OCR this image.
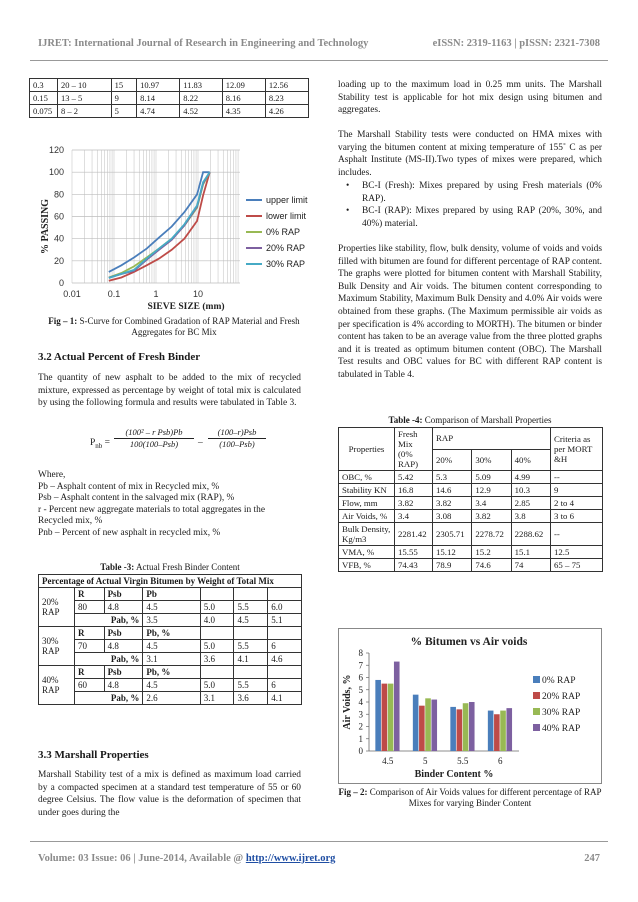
IJRET: International Journal of Research in Engineering and Technology	eISSN: 2319-1163 | pISSN: 2321-7308
Volume: 03 Issue: 06 | June-2014, Available @ http://www.ijret.org	247
0.3	20 – 10	15	10.97	11.83	12.09	12.56
0.15	13 – 5	9	8.14	8.22	8.16	8.23
0.075	8 – 2	5	4.74	4.52	4.35	4.26
0
20
40
60
80
100
120
0.01	0.1	1	10
upper limit
lower limit
0% RAP
20% RAP
30% RAP
% PASSING
SIEVE SIZE (mm)
Fig – 1: S-Curve for Combined Gradation of RAP Material and Fresh Aggregates for BC Mix
3.2 Actual Percent of Fresh Binder
The quantity of new asphalt to be added to the mix of recycled mixture, expressed as percentage by weight of total mix is calculated by using the following formula and results were tabulated in Table 3.
$P_{nb}$ =
(100² – r Psb)Pb
100(100–Psb)	–
(100–r)Psb
(100–Psb)
Where,
Pb – Asphalt content of mix in Recycled mix, %
Psb – Asphalt content in the salvaged mix (RAP), %
r - Percent new aggregate materials to total aggregates in the Recycled mix, %
Pnb – Percent of new asphalt in recycled mix, %
Table -3: Actual Fresh Binder Content
Percentage of Actual Virgin Bitumen by Weight of Total Mix						
20% RAP	R	Psb	Pb			
	80	4.8	4.5	5.0	5.5	6.0
	Pab, %		3.5	4.0	4.5	5.1
30% RAP	R	Psb	Pb, %			
	70	4.8	4.5	5.0	5.5	6
	Pab, %		3.1	3.6	4.1	4.6
40% RAP	R	Psb	Pb, %			
	60	4.8	4.5	5.0	5.5	6
	Pab, %		2.6	3.1	3.6	4.1
3.3 Marshall Properties
Marshall Stability test of a mix is defined as maximum load carried by a compacted specimen at a standard test temperature of 55 or 60 degree Celsius. The flow value is the deformation of specimen that under goes during the
loading up to the maximum load in 0.25 mm units. The Marshall Stability test is applicable for hot mix design using bitumen and aggregates.
The Marshall Stability tests were conducted on HMA mixes with varying the bitumen content at mixing temperature of 155˚ C as per Asphalt Institute (MS-II).Two types of mixes were prepared, which includes.
• BC-I (Fresh): Mixes prepared by using Fresh materials (0% RAP).
• BC-I (RAP): Mixes prepared by using RAP (20%, 30%, and 40%) material.
Properties like stability, flow, bulk density, volume of voids and voids filled with bitumen are found for different percentage of RAP content. The graphs were plotted for bitumen content with Marshall Stability, Bulk Density and Air voids. The bitumen content corresponding to Maximum Stability, Maximum Bulk Density and 4.0% Air voids were obtained from these graphs. (The Maximum permissible air voids as per specification is 4% according to MORTH). The bitumen or binder content has taken to be an average value from the three plotted graphs and it is treated as optimum bitumen content (OBC). The Marshall Test results and OBC values for BC with different RAP content is tabulated in Table 4.
Table -4: Comparison of Marshall Properties
Properties	Fresh Mix (0% RAP)	RAP			Criteria as per MORT &H
		20%	30%	40%	
OBC, %	5.42	5.3	5.09	4.99	--
Stability KN	16.8	14.6	12.9	10.3	9
Flow, mm	3.82	3.82	3.4	2.85	2 to 4
Air Voids, %	3.4	3.08	3.82	3.8	3 to 6
Bulk Density, Kg/m3	2281.42	2305.71	2278.72	2288.62	--
VMA, %	15.55	15.12	15.2	15.1	12.5
VFB, %	74.43	78.9	74.6	74	65 – 75
% Bitumen vs Air voids
0
1
2
3
4
5
6
7
8
4.5	5	5.5	6
0% RAP
20% RAP
30% RAP
40% RAP
Air Voids, %
Binder Content %
Fig – 2: Comparison of Air Voids values for different percentage of RAP Mixes for varying Binder Content
